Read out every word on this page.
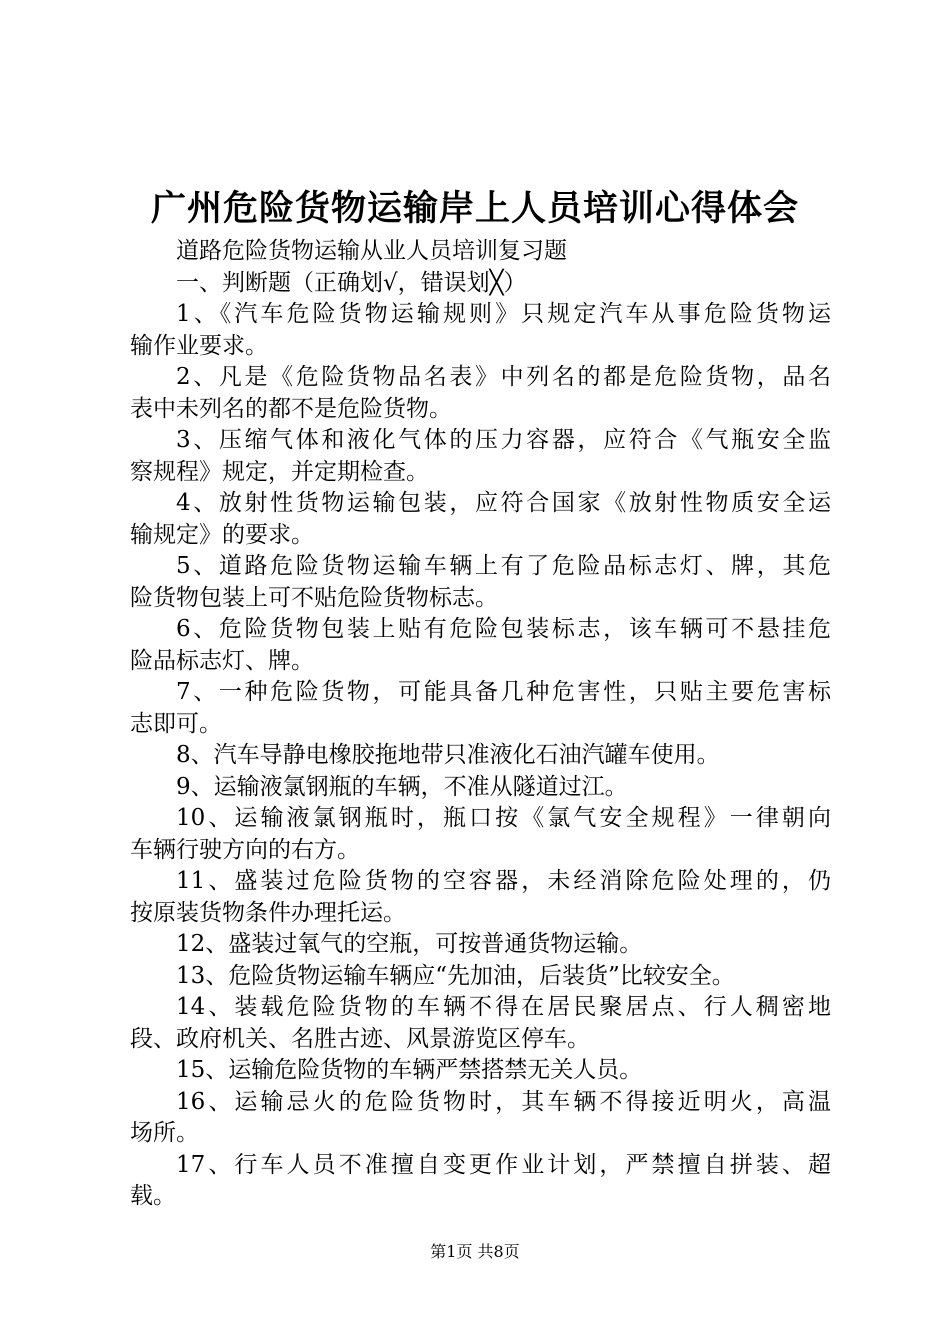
广州危险货物运输岸上人员培训心得体会
道路危险货物运输从业人员培训复习题
一、判断题（正确划√，错误划╳）
1、《汽车危险货物运输规则》只规定汽车从事危险货物运
输作业要求。
2、凡是《危险货物品名表》中列名的都是危险货物，品名
表中未列名的都不是危险货物。
3、压缩气体和液化气体的压力容器，应符合《气瓶安全监
察规程》规定，并定期检查。
4、放射性货物运输包装，应符合国家《放射性物质安全运
输规定》的要求。
5、道路危险货物运输车辆上有了危险品标志灯、牌，其危
险货物包装上可不贴危险货物标志。
6、危险货物包装上贴有危险包装标志，该车辆可不悬挂危
险品标志灯、牌。
7、一种危险货物，可能具备几种危害性，只贴主要危害标
志即可。
8、汽车导静电橡胶拖地带只准液化石油汽罐车使用。
9、运输液氯钢瓶的车辆，不准从隧道过江。
10、运输液氯钢瓶时，瓶口按《氯气安全规程》一律朝向
车辆行驶方向的右方。
11、盛装过危险货物的空容器，未经消除危险处理的，仍
按原装货物条件办理托运。
12、盛装过氧气的空瓶，可按普通货物运输。
13、危险货物运输车辆应“先加油，后装货”比较安全。
14、装载危险货物的车辆不得在居民聚居点、行人稠密地
段、政府机关、名胜古迹、风景游览区停车。
15、运输危险货物的车辆严禁搭禁无关人员。
16、运输忌火的危险货物时，其车辆不得接近明火，高温
场所。
17、行车人员不准擅自变更作业计划，严禁擅自拼装、超
载。
第1页 共8页
